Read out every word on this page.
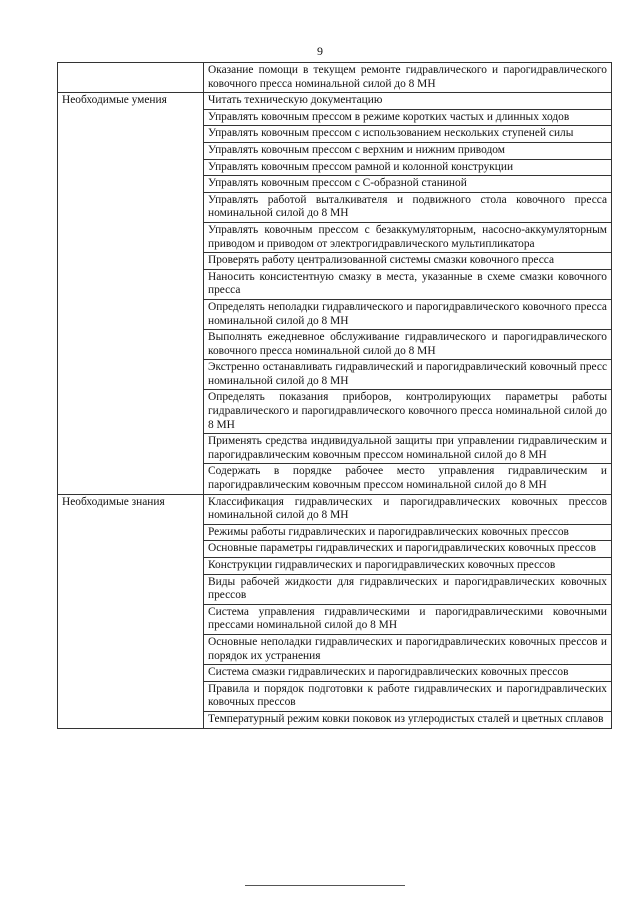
9
	Оказание помощи в текущем ремонте гидравлического и парогидравлического ковочного пресса номинальной силой до 8 МН
Необходимые умения	Читать техническую документацию
	Управлять ковочным прессом в режиме коротких частых и длинных ходов
	Управлять ковочным прессом с использованием нескольких ступеней силы
	Управлять ковочным прессом с верхним и нижним приводом
	Управлять ковочным прессом рамной и колонной конструкции
	Управлять ковочным прессом с С-образной станиной
	Управлять работой выталкивателя и подвижного стола ковочного пресса номинальной силой до 8 МН
	Управлять ковочным прессом с безаккумуляторным, насосно-аккумуляторным приводом и приводом от электрогидравлического мультипликатора
	Проверять работу централизованной системы смазки ковочного пресса
	Наносить консистентную смазку в места, указанные в схеме смазки ковочного пресса
	Определять неполадки гидравлического и парогидравлического ковочного пресса номинальной силой до 8 МН
	Выполнять ежедневное обслуживание гидравлического и парогидравлического ковочного пресса номинальной силой до 8 МН
	Экстренно останавливать гидравлический и парогидравлический ковочный пресс номинальной силой до 8 МН
	Определять показания приборов, контролирующих параметры работы гидравлического и парогидравлического ковочного пресса номинальной силой до 8 МН
	Применять средства индивидуальной защиты при управлении гидравлическим и парогидравлическим ковочным прессом номинальной силой до 8 МН
	Содержать в порядке рабочее место управления гидравлическим и парогидравлическим ковочным прессом номинальной силой до 8 МН
Необходимые знания	Классификация гидравлических и парогидравлических ковочных прессов номинальной силой до 8 МН
	Режимы работы гидравлических и парогидравлических ковочных прессов
	Основные параметры гидравлических и парогидравлических ковочных прессов
	Конструкции гидравлических и парогидравлических ковочных прессов
	Виды рабочей жидкости для гидравлических и парогидравлических ковочных прессов
	Система управления гидравлическими и парогидравлическими ковочными прессами номинальной силой до 8 МН
	Основные неполадки гидравлических и парогидравлических ковочных прессов и порядок их устранения
	Система смазки гидравлических и парогидравлических ковочных прессов
	Правила и порядок подготовки к работе гидравлических и парогидравлических ковочных прессов
	Температурный режим ковки поковок из углеродистых сталей и цветных сплавов
